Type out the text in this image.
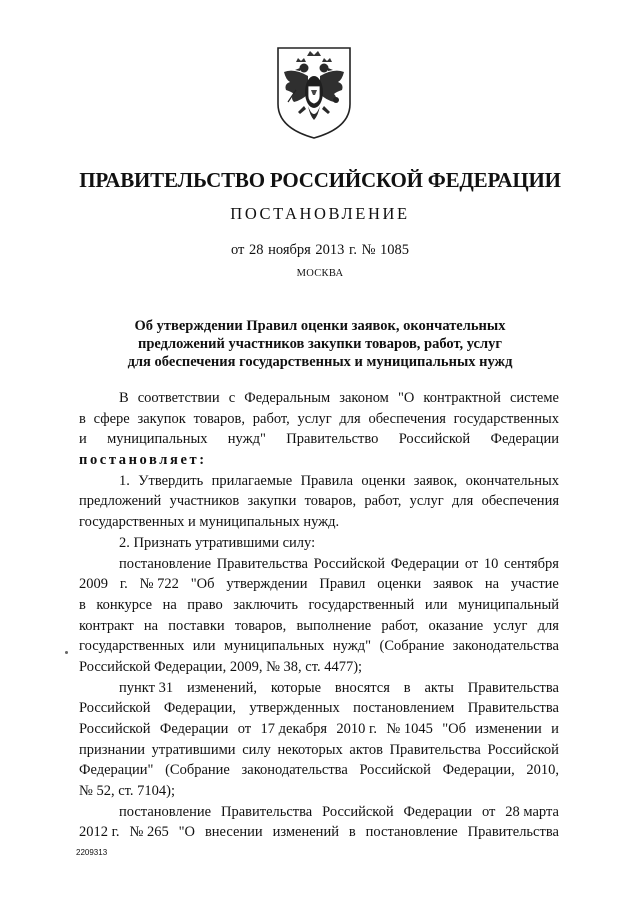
ПРАВИТЕЛЬСТВО РОССИЙСКОЙ ФЕДЕРАЦИИ
ПОСТАНОВЛЕНИЕ
от 28 ноября 2013 г. № 1085
МОСКВА
Об утверждении Правил оценки заявок, окончательных
предложений участников закупки товаров, работ, услуг
для обеспечения государственных и муниципальных нужд
В соответствии с Федеральным законом "О контрактной системе
в сфере закупок товаров, работ, услуг для обеспечения государственных
и муниципальных нужд" Правительство Российской Федерации
постановляет:
1. Утвердить прилагаемые Правила оценки заявок, окончательных
предложений участников закупки товаров, работ, услуг для обеспечения
государственных и муниципальных нужд.
2. Признать утратившими силу:
постановление Правительства Российской Федерации от 10 сентября
2009 г. № 722 "Об утверждении Правил оценки заявок на участие
в конкурсе на право заключить государственный или муниципальный
контракт на поставки товаров, выполнение работ, оказание услуг для
государственных или муниципальных нужд" (Собрание законодательства
Российской Федерации, 2009, № 38, ст. 4477);
пункт 31 изменений, которые вносятся в акты Правительства
Российской Федерации, утвержденных постановлением Правительства
Российской Федерации от 17 декабря 2010 г. № 1045 "Об изменении и
признании утратившими силу некоторых актов Правительства Российской
Федерации" (Собрание законодательства Российской Федерации, 2010,
№ 52, ст. 7104);
постановление Правительства Российской Федерации от 28 марта
2012 г. № 265 "О внесении изменений в постановление Правительства
2209313
